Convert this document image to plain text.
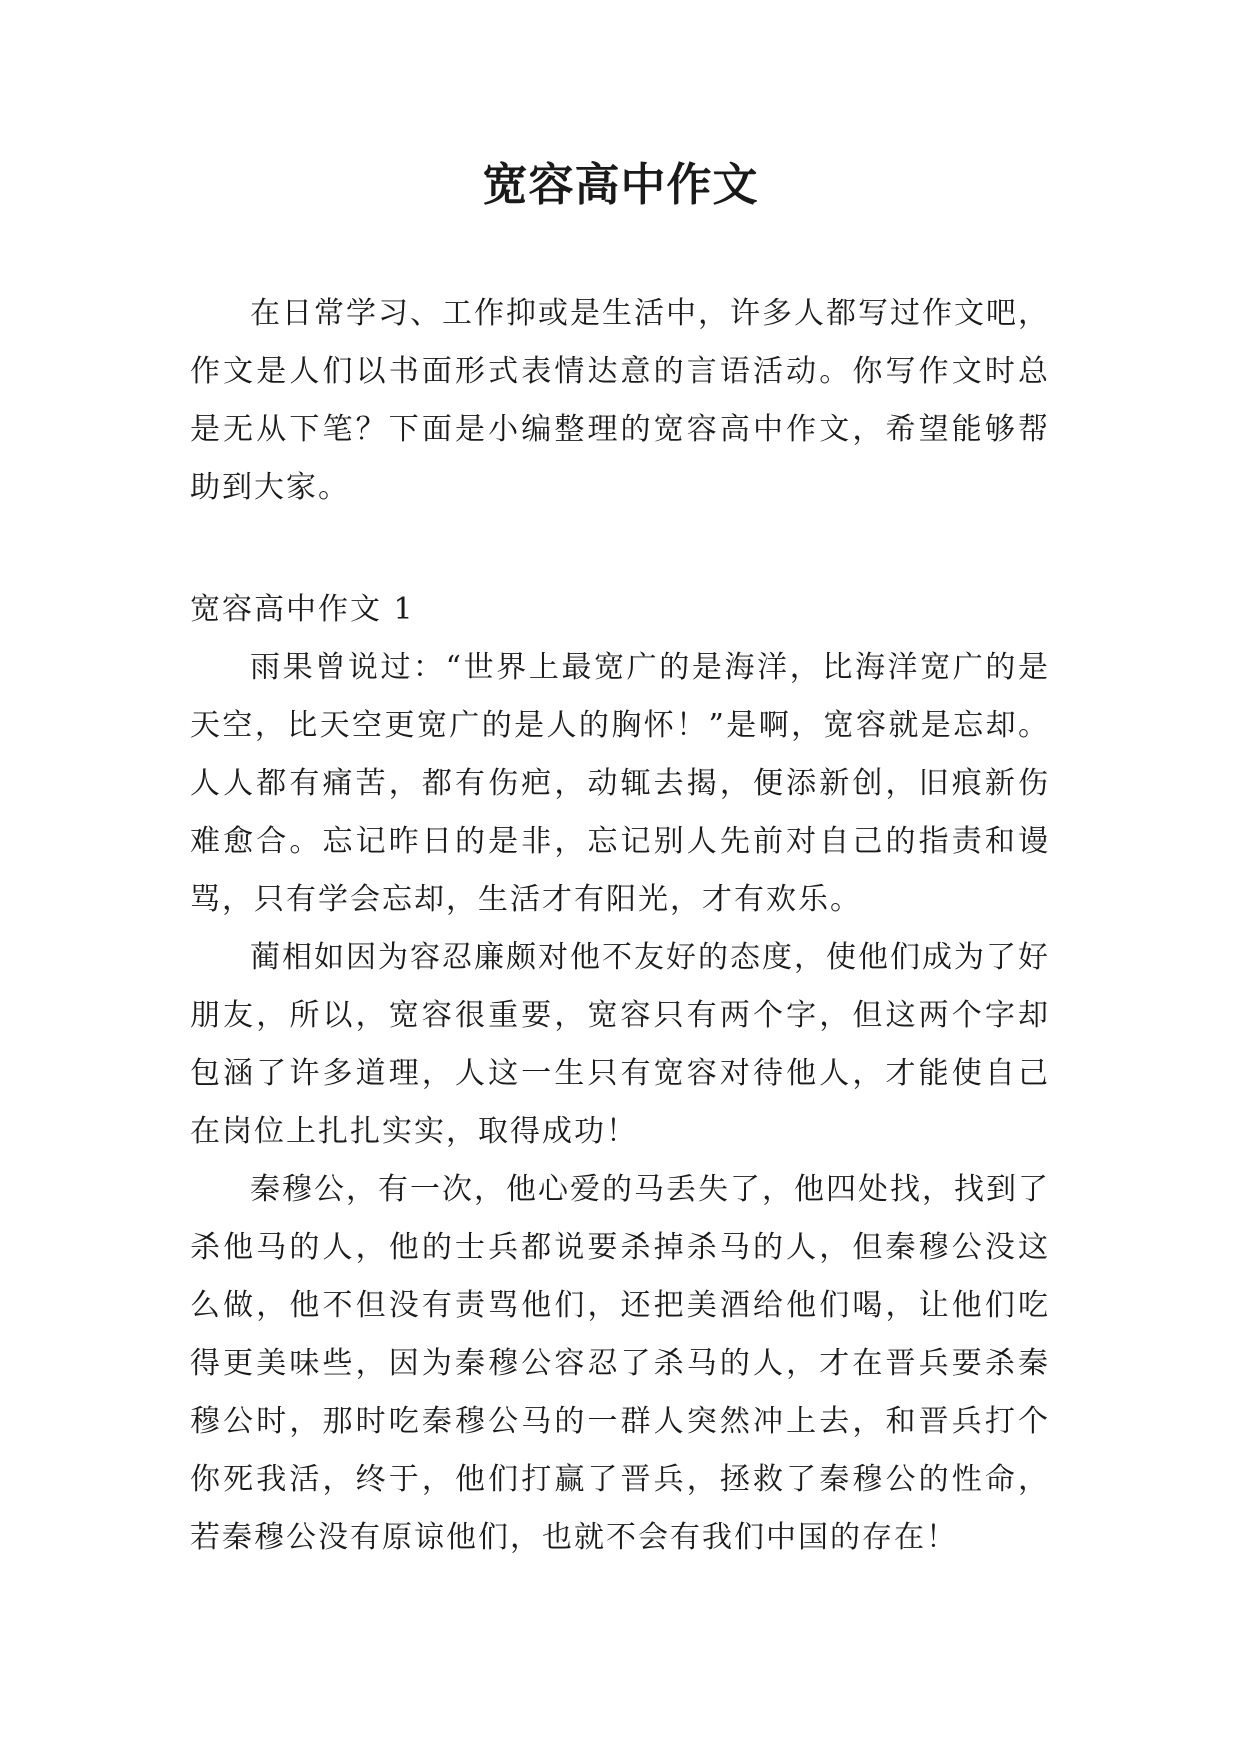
宽容高中作文

在日常学习、工作抑或是生活中，许多人都写过作文吧，作文是人们以书面形式表情达意的言语活动。你写作文时总是无从下笔？下面是小编整理的宽容高中作文，希望能够帮助到大家。

宽容高中作文 1

雨果曾说过：“世界上最宽广的是海洋，比海洋宽广的是天空，比天空更宽广的是人的胸怀！”是啊，宽容就是忘却。人人都有痛苦，都有伤疤，动辄去揭，便添新创，旧痕新伤难愈合。忘记昨日的是非，忘记别人先前对自己的指责和谩骂，只有学会忘却，生活才有阳光，才有欢乐。

蔺相如因为容忍廉颇对他不友好的态度，使他们成为了好朋友，所以，宽容很重要，宽容只有两个字，但这两个字却包涵了许多道理，人这一生只有宽容对待他人，才能使自己在岗位上扎扎实实，取得成功！

秦穆公，有一次，他心爱的马丢失了，他四处找，找到了杀他马的人，他的士兵都说要杀掉杀马的人，但秦穆公没这么做，他不但没有责骂他们，还把美酒给他们喝，让他们吃得更美味些，因为秦穆公容忍了杀马的人，才在晋兵要杀秦穆公时，那时吃秦穆公马的一群人突然冲上去，和晋兵打个你死我活，终于，他们打赢了晋兵，拯救了秦穆公的性命，若秦穆公没有原谅他们，也就不会有我们中国的存在！
